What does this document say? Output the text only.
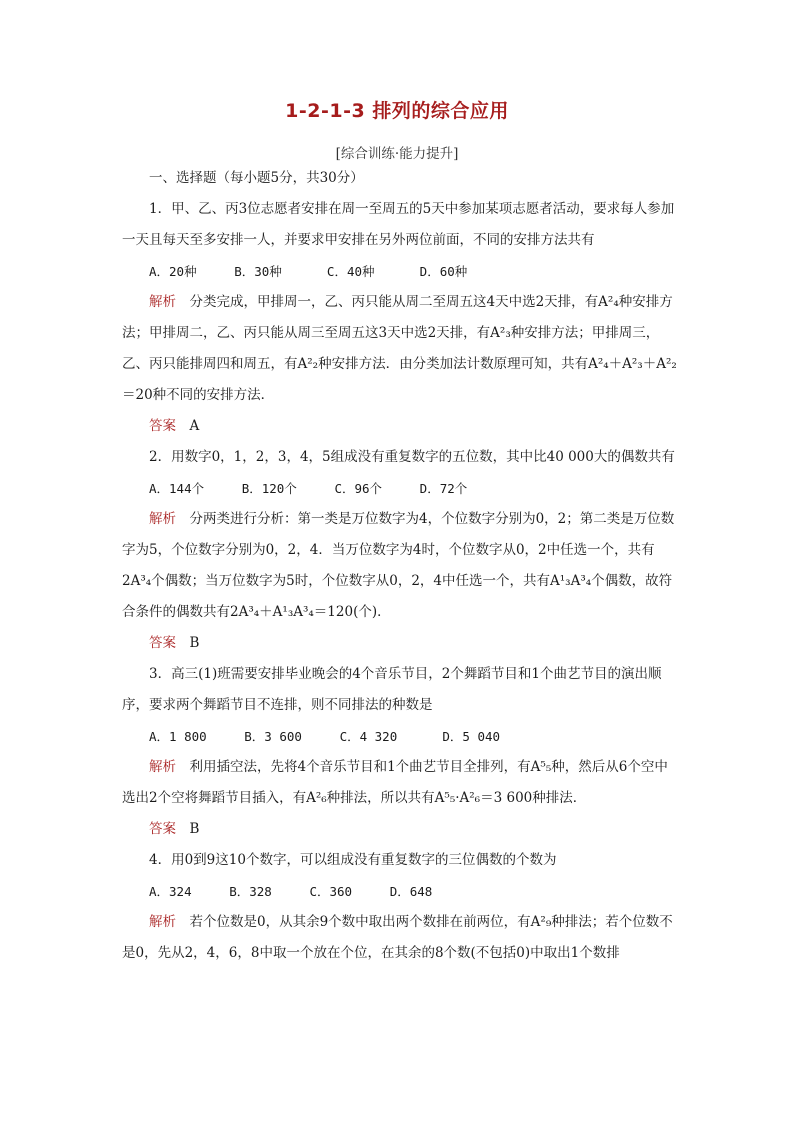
1-2-1-3 排列的综合应用
[综合训练·能力提升]

一、选择题（每小题5分，共30分）

1．甲、乙、丙3位志愿者安排在周一至周五的5天中参加某项志愿者活动，要求每人参加一天且每天至多安排一人，并要求甲安排在另外两位前面，不同的安排方法共有

A．20种     B．30种      C．40种      D．60种

解析　 分类完成，甲排周一，乙、丙只能从周二至周五这4天中选2天排，有A²₄种安排方法；甲排周二，乙、丙只能从周三至周五这3天中选2天排，有A²₃种安排方法；甲排周三，乙、丙只能排周四和周五，有A²₂种安排方法．由分类加法计数原理可知，共有A²₄＋A²₃＋A²₂＝20种不同的安排方法．

答案　 A

2．用数字0，1，2，3，4，5组成没有重复数字的五位数，其中比40 000大的偶数共有

A．144个     B．120个     C．96个     D．72个

解析　 分两类进行分析：第一类是万位数字为4，个位数字分别为0，2；第二类是万位数字为5，个位数字分别为0，2，4．当万位数字为4时，个位数字从0，2中任选一个，共有2A³₄个偶数；当万位数字为5时，个位数字从0，2，4中任选一个，共有A¹₃A³₄个偶数，故符合条件的偶数共有2A³₄＋A¹₃A³₄＝120(个)．

答案　 B

3．高三(1)班需要安排毕业晚会的4个音乐节目，2个舞蹈节目和1个曲艺节目的演出顺序，要求两个舞蹈节目不连排，则不同排法的种数是

A．1 800     B．3 600     C．4 320      D．5 040

解析　 利用插空法，先将4个音乐节目和1个曲艺节目全排列，有A⁵₅种，然后从6个空中选出2个空将舞蹈节目插入，有A²₆种排法，所以共有A⁵₅·A²₆＝3 600种排法．

答案　 B

4．用0到9这10个数字，可以组成没有重复数字的三位偶数的个数为

A．324     B．328     C．360     D．648

解析　 若个位数是0，从其余9个数中取出两个数排在前两位，有A²₉种排法；若个位数不是0，先从2，4，6，8中取一个放在个位，在其余的8个数(不包括0)中取出1个数排
